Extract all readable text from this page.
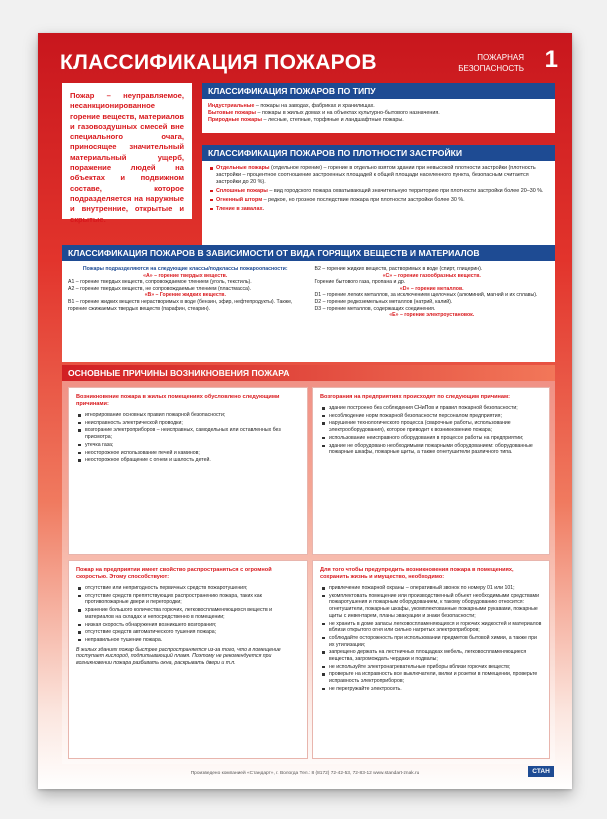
КЛАССИФИКАЦИЯ ПОЖАРОВ	ПОЖАРНАЯ
БЕЗОПАСНОСТЬ 1
Пожар – неуправляемое, несанкционированное горение веществ, материалов и газовоздушных смесей вне специального очага, приносящее значительный материальный ущерб, поражение людей на объектах и подвижном составе, которое подразделяется на наружные и внутренние, открытые и скрытые.
КЛАССИФИКАЦИЯ ПОЖАРОВ ПО ТИПУ
Индустриальные – пожары на заводах, фабриках и хранилищах.
Бытовые пожары – пожары в жилых домах и на объектах культурно-бытового назначения.
Природные пожары – лесные, степные, торфяные и ландшафтные пожары.
КЛАССИФИКАЦИЯ ПОЖАРОВ ПО ПЛОТНОСТИ ЗАСТРОЙКИ
Отдельные пожары (отдельное горение) – горение в отдельно взятом здании при невысокой плотности застройки (плотность застройки – процентное соотношение застроенных площадей к общей площади населенного пункта, безопасным считается застройки до 20 %).
Сплошные пожары – вид городского пожара охватывающий значительную территорию при плотности застройки более 20–30 %.
Огненный шторм – редкое, но грозное последствие пожара при плотности застройки более 30 %.
Тление в завалах.
КЛАССИФИКАЦИЯ ПОЖАРОВ В ЗАВИСИМОСТИ ОТ ВИДА ГОРЯЩИХ ВЕЩЕСТВ И МАТЕРИАЛОВ
Пожары подразделяются на следующие классы/подклассы пожароопасности:
«А» – горение твердых веществ.
A1 – горение твердых веществ, сопровождаемое тлением (уголь, текстиль).
A2 – горение твердых веществ, не сопровождаемые тлением (пластмасса).
«В» – Горение жидких веществ.
B1 – горение жидких веществ нерастворимых в воде (бензин, эфир, нефтепродукты). Также, горение сжижаемых твердых веществ (парафин, стеарин).
B2 – горение жидких веществ, растворимых в воде (спирт, глицерин).
«С» – горение газообразных веществ.
Горение бытового газа, пропана и др.
«D» – горение металлов.
D1 – горение легких металлов, за исключением щелочных (алюминий, магний и их сплавы).
D2 – горение редкоземельных металлов (натрий, калий).
D3 – горение металлов, содержащих соединения.
«Е» – горение электроустановок.
ОСНОВНЫЕ ПРИЧИНЫ ВОЗНИКНОВЕНИЯ ПОЖАРА
Возникновение пожара в жилых помещениях обусловлено следующими причинами:
игнорирование основных правил пожарной безопасности;
неисправность электрической проводки;
возгорание электроприборов – неисправных, самодельных или оставленных без присмотра;
утечка газа;
неосторожное использование печей и каминов;
неосторожное обращение с огнем и шалость детей.
Возгорания на предприятиях происходят по следующим причинам:
здание построено без соблюдения СНиПов и правил пожарной безопасности;
несоблюдение норм пожарной безопасности персоналом предприятия;
нарушение технологического процесса (сварочные работы, использование электрооборудования), которое приводит к возникновению пожара;
использование неисправного оборудования в процессе работы на предприятии;
здание не оборудовано необходимыми пожарными оборудованием: оборудованные пожарные шкафы, пожарные щиты, а также огнетушители различного типа.
Пожар на предприятии имеет свойство распространяться с огромной скоростью. Этому способствуют:
отсутствие или непригодность первичных средств пожаротушения;
отсутствие средств препятствующих распространению пожара, таких как противопожарные двери и перегородки;
хранение большого количества горючих, легковоспламеняющихся веществ и материалов на складах и непосредственно в помещении;
низкая скорость обнаружения возникшего возгорания;
отсутствие средств автоматического тушения пожара;
неправильное тушение пожара.
В жилых зданиях пожар быстрее распространяется из-за того, что в помещение поступает кислород, подпитывающий пламя. Поэтому не рекомендуется при возникновении пожара разбивать окна, раскрывать двери и т.п.
Для того чтобы предупредить возникновения пожара в помещениях, сохранить жизнь и имущество, необходимо:
привлечение пожарной охраны – оперативный звонок по номеру 01 или 101;
укомплектовать помещение или производственный объект необходимыми средствами пожаротушения и пожарным оборудованием, к такому оборудованию относится: огнетушители, пожарные шкафы, укомплектованные пожарными рукавами, пожарные щиты с инвентарем, планы эвакуации и знаки безопасности;
не хранить в доме запасы легковоспламеняющихся и горючих жидкостей и материалов вблизи открытого огня или сильно нагретых электроприборов;
соблюдайте осторожность при использовании предметов бытовой химии, а также при их утилизации;
запрещено держать на лестничных площадках мебель, легковоспламеняющиеся вещества, загромождать чердаки и подвалы;
не используйте электронагревательные приборы вблизи горючих веществ;
проверьте на исправность все выключатели, вилки и розетки в помещении, проверьте исправность электроприборов;
не перегружайте электросеть.
Произведено компанией «Стандарт», г. Вологда Тел.: 8 (8172) 72-42-53, 72-83-12 www.standart-znak.ru	CTAH
